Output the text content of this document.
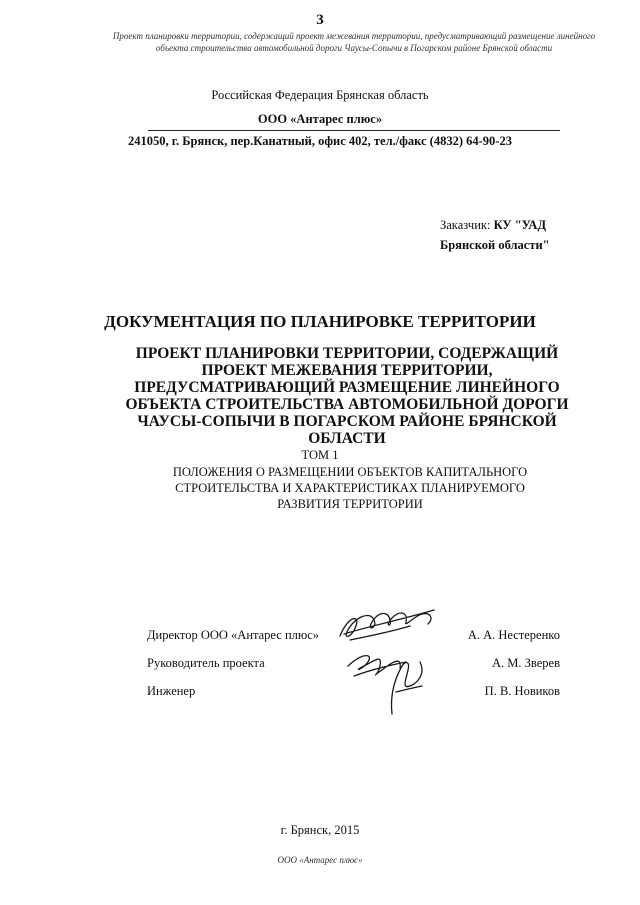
3
Проект планировки территории, содержащий проект межевания территории, предусматривающий размещение линейного объекта строительства автомобильной дороги Чаусы-Сопычи в Погарском районе Брянской области
Российская Федерация Брянская область
ООО «Антарес плюс»
241050, г. Брянск, пер.Канатный, офис 402, тел./факс (4832) 64-90-23
Заказчик: КУ "УАД
Брянской области"
ДОКУМЕНТАЦИЯ ПО ПЛАНИРОВКЕ ТЕРРИТОРИИ
ПРОЕКТ ПЛАНИРОВКИ ТЕРРИТОРИИ, СОДЕРЖАЩИЙ ПРОЕКТ МЕЖЕВАНИЯ ТЕРРИТОРИИ, ПРЕДУСМАТРИВАЮЩИЙ РАЗМЕЩЕНИЕ ЛИНЕЙНОГО ОБЪЕКТА СТРОИТЕЛЬСТВА АВТОМОБИЛЬНОЙ ДОРОГИ ЧАУСЫ-СОПЫЧИ В ПОГАРСКОМ РАЙОНЕ БРЯНСКОЙ ОБЛАСТИ
ТОМ 1
ПОЛОЖЕНИЯ О РАЗМЕЩЕНИИ ОБЪЕКТОВ КАПИТАЛЬНОГО СТРОИТЕЛЬСТВА И ХАРАКТЕРИСТИКАХ ПЛАНИРУЕМОГО РАЗВИТИЯ ТЕРРИТОРИИ
Директор ООО «Антарес плюс»	А. А. Нестеренко
Руководитель проекта	А. М. Зверев
Инженер	П. В. Новиков
г. Брянск, 2015
ООО «Антарес плюс»
